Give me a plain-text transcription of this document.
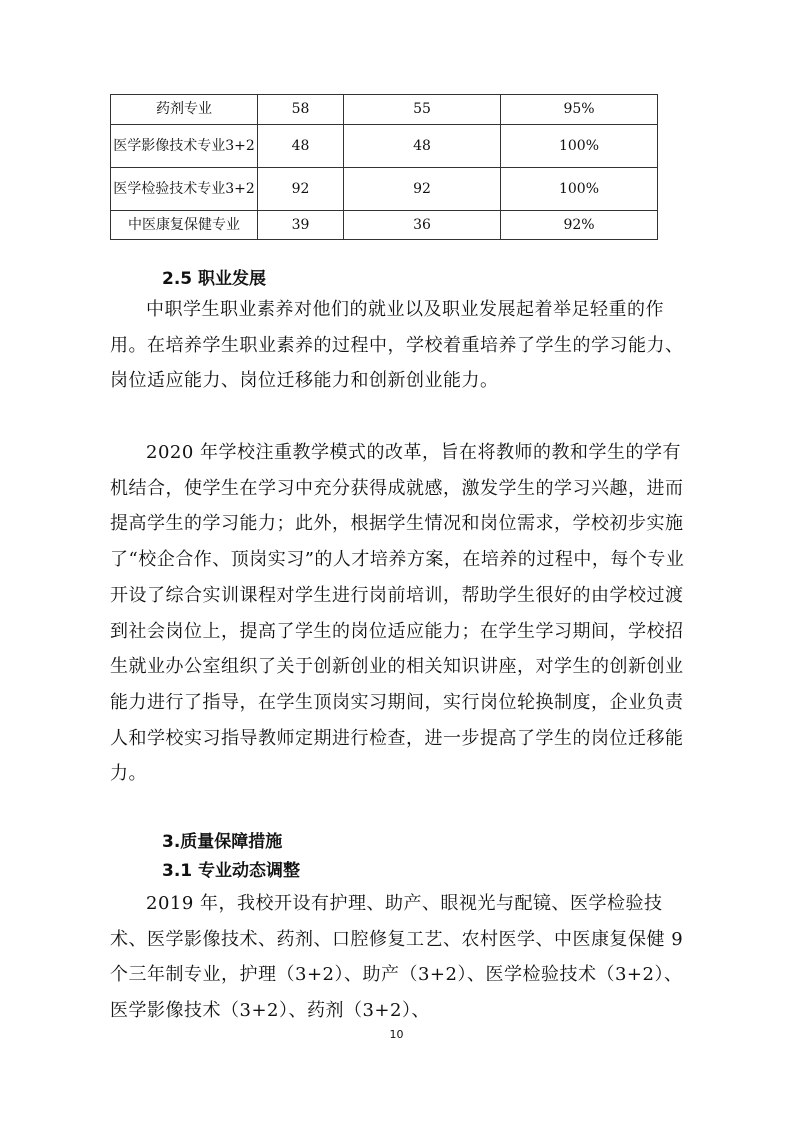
药剂专业	58	55	95%
医学影像技术专业3+2	48	48	100%
医学检验技术专业3+2	92	92	100%
中医康复保健专业	39	36	92%
2.5 职业发展
中职学生职业素养对他们的就业以及职业发展起着举足轻重的作用。在培养学生职业素养的过程中，学校着重培养了学生的学习能力、岗位适应能力、岗位迁移能力和创新创业能力。
2020 年学校注重教学模式的改革，旨在将教师的教和学生的学有机结合，使学生在学习中充分获得成就感，激发学生的学习兴趣，进而提高学生的学习能力；此外，根据学生情况和岗位需求，学校初步实施了“校企合作、顶岗实习”的人才培养方案，在培养的过程中，每个专业开设了综合实训课程对学生进行岗前培训，帮助学生很好的由学校过渡到社会岗位上，提高了学生的岗位适应能力；在学生学习期间，学校招生就业办公室组织了关于创新创业的相关知识讲座，对学生的创新创业能力进行了指导，在学生顶岗实习期间，实行岗位轮换制度，企业负责人和学校实习指导教师定期进行检查，进一步提高了学生的岗位迁移能力。
3.质量保障措施
3.1 专业动态调整
2019 年，我校开设有护理、助产、眼视光与配镜、医学检验技术、医学影像技术、药剂、口腔修复工艺、农村医学、中医康复保健 9 个三年制专业，护理（3+2）、助产（3+2）、医学检验技术（3+2）、医学影像技术（3+2）、药剂（3+2）、
10
